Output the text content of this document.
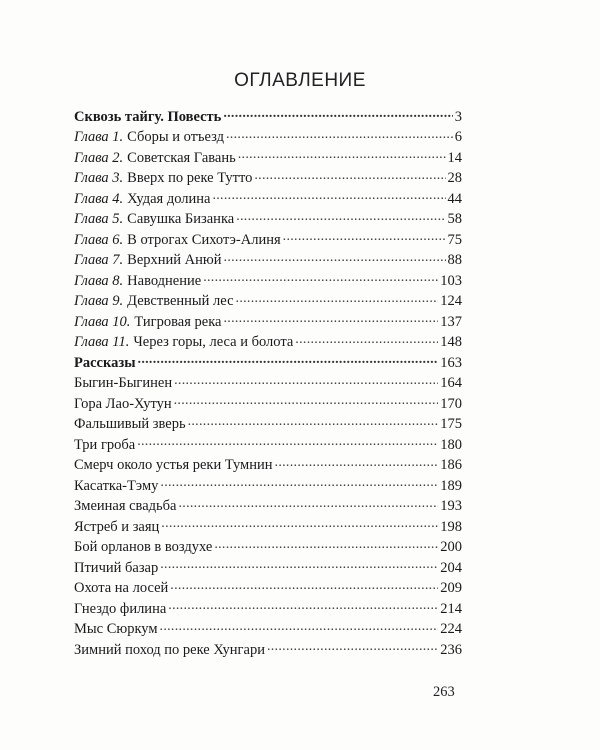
ОГЛАВЛЕНИЕ
Сквозь тайгу. Повесть . . .	3
Глава 1. Сборы и отъезд . . .	6
Глава 2. Советская Гавань . . .	14
Глава 3. Вверх по реке Тутто . . .	28
Глава 4. Худая долина . . .	44
Глава 5. Савушка Бизанка . . .	58
Глава 6. В отрогах Сихотэ-Алиня . . .	75
Глава 7. Верхний Анюй . . .	88
Глава 8. Наводнение . . .	103
Глава 9. Девственный лес . . .	124
Глава 10. Тигровая река . . .	137
Глава 11. Через горы, леса и болота . . .	148
Рассказы . . .	163
Быгин-Быгинен . . .	164
Гора Лао-Хутун . . .	170
Фальшивый зверь . . .	175
Три гроба . . .	180
Смерч около устья реки Тумнин . . .	186
Касатка-Тэму . . .	189
Змеиная свадьба . . .	193
Ястреб и заяц . . .	198
Бой орланов в воздухе . . .	200
Птичий базар . . .	204
Охота на лосей . . .	209
Гнездо филина . . .	214
Мыс Сюркум . . .	224
Зимний поход по реке Хунгари . . .	236
263
